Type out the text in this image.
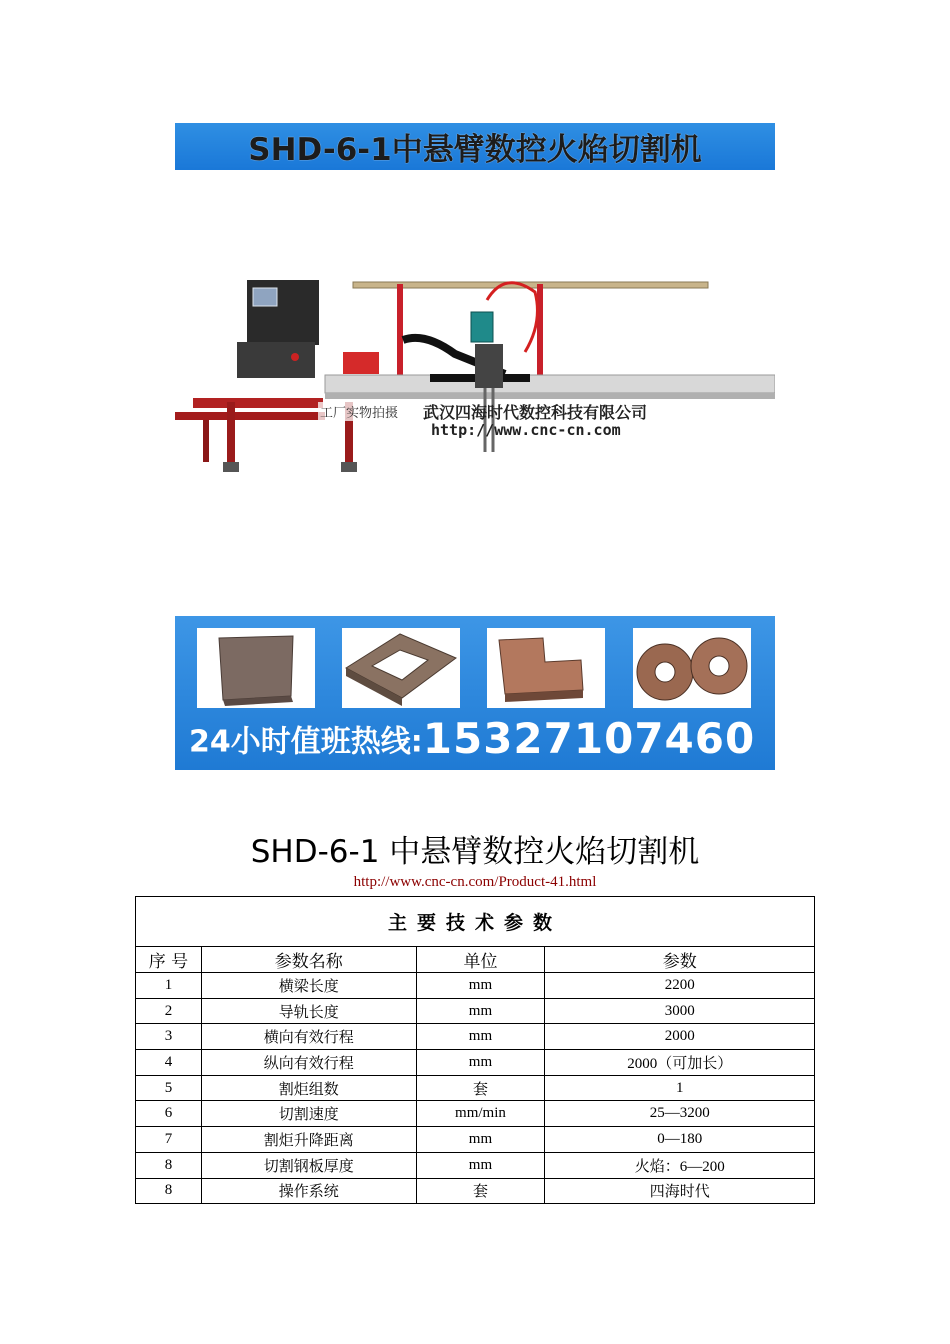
SHD-6-1中悬臂数控火焰切割机
工厂实物拍摄 武汉四海时代数控科技有限公司
http://www.cnc-cn.com
24小时值班热线:15327107460
SHD-6-1 中悬臂数控火焰切割机
http://www.cnc-cn.com/Product-41.html
主要技术参数			
序 号	参数名称	单位	参数
1	横梁长度	mm	2200
2	导轨长度	mm	3000
3	横向有效行程	mm	2000
4	纵向有效行程	mm	2000（可加长）
5	割炬组数	套	1
6	切割速度	mm/min	25—3200
7	割炬升降距离	mm	0—180
8	切割钢板厚度	mm	火焰：6—200
8	操作系统	套	四海时代
